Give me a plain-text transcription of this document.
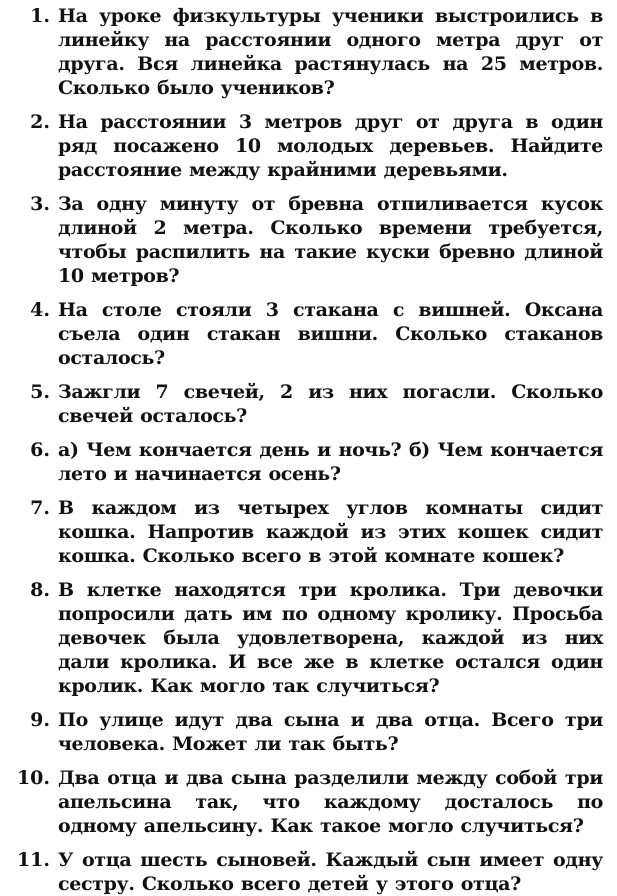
1. На уроке физкультуры ученики выстроились в линейку на расстоянии одного метра друг от друга. Вся линейка растянулась на 25 метров. Сколько было учеников?
2. На расстоянии 3 метров друг от друга в один ряд посажено 10 молодых деревьев. Найдите расстояние между крайними деревьями.
3. За одну минуту от бревна отпиливается кусок длиной 2 метра. Сколько времени требуется, чтобы распилить на такие куски бревно длиной 10 метров?
4. На столе стояли 3 стакана с вишней. Оксана съела один стакан вишни. Сколько стаканов осталось?
5. Зажгли 7 свечей, 2 из них погасли. Сколько свечей осталось?
6. а) Чем кончается день и ночь? б) Чем кончается лето и начинается осень?
7. В каждом из четырех углов комнаты сидит кошка. Напротив каждой из этих кошек сидит кошка. Сколько всего в этой комнате кошек?
8. В клетке находятся три кролика. Три девочки попросили дать им по одному кролику. Просьба девочек была удовлетворена, каждой из них дали кролика. И все же в клетке остался один кролик. Как могло так случиться?
9. По улице идут два сына и два отца. Всего три человека. Может ли так быть?
10. Два отца и два сына разделили между собой три апельсина так, что каждому досталось по одному апельсину. Как такое могло случиться?
11. У отца шесть сыновей. Каждый сын имеет одну сестру. Сколько всего детей у этого отца?
